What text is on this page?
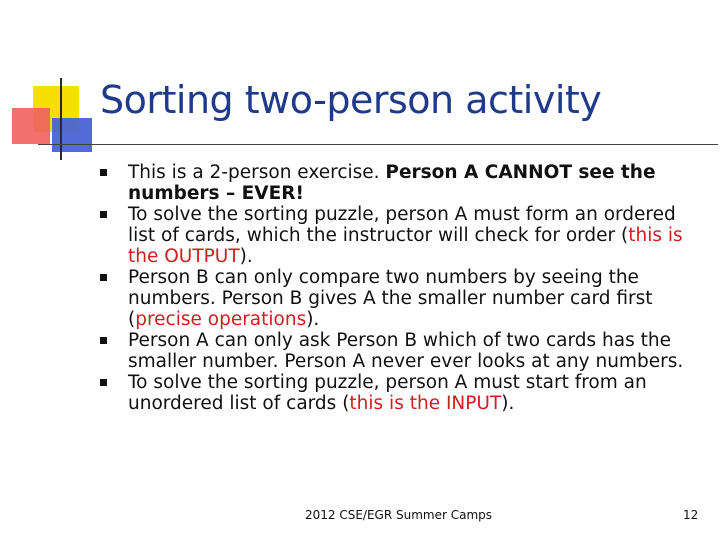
Sorting two-person activity
This is a 2-person exercise. Person A CANNOT see the numbers – EVER!
To solve the sorting puzzle, person A must form an ordered list of cards, which the instructor will check for order (this is the OUTPUT).
Person B can only compare two numbers by seeing the numbers. Person B gives A the smaller number card first (precise operations).
Person A can only ask Person B which of two cards has the smaller number. Person A never ever looks at any numbers.
To solve the sorting puzzle, person A must start from an unordered list of cards (this is the INPUT).
2012 CSE/EGR Summer Camps	12
